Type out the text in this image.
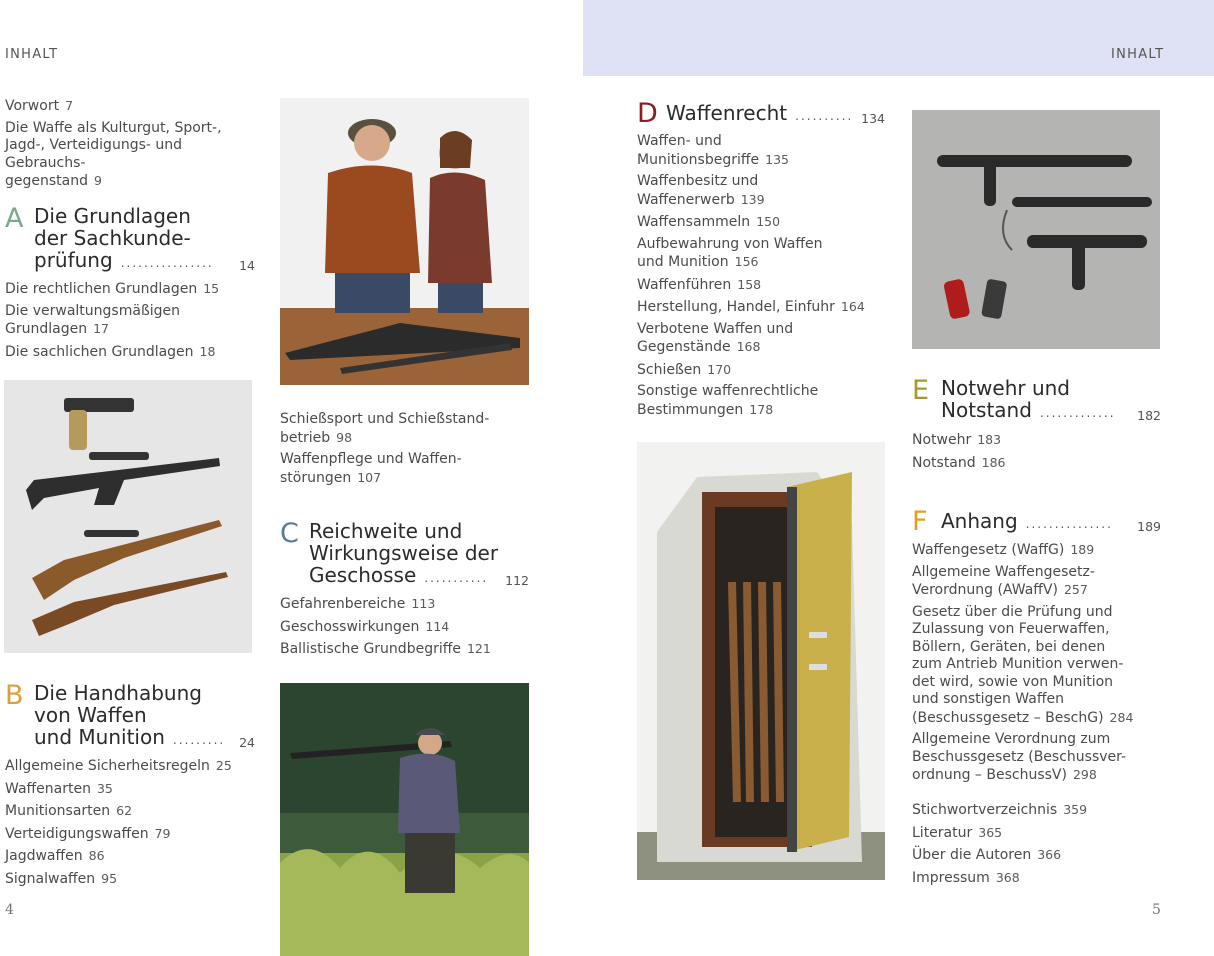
INHALT	INHALT
4	5
Vorwort 7
Die Waffe als Kulturgut, Sport-,
Jagd-, Verteidigungs- und Gebrauchs-
gegenstand 9
A Die Grundlagen
der Sachkunde-
prüfung ................ 14
Die rechtlichen Grundlagen 15
Die verwaltungsmäßigen
Grundlagen 17
Die sachlichen Grundlagen 18
B Die Handhabung
von Waffen
und Munition ......... 24
Allgemeine Sicherheitsregeln 25
Waffenarten 35
Munitionsarten 62
Verteidigungswaffen 79
Jagdwaffen 86
Signalwaffen 95
Schießsport und Schießstand-
betrieb 98
Waffenpflege und Waffen-
störungen 107
C Reichweite und
Wirkungsweise der
Geschosse ........... 112
Gefahrenbereiche 113
Geschosswirkungen 114
Ballistische Grundbegriffe 121
D Waffenrecht .......... 134
Waffen- und
Munitionsbegriffe 135
Waffenbesitz und
Waffenerwerb 139
Waffensammeln 150
Aufbewahrung von Waffen
und Munition 156
Waffenführen 158
Herstellung, Handel, Einfuhr 164
Verbotene Waffen und
Gegenstände 168
Schießen 170
Sonstige waffenrechtliche
Bestimmungen 178
E Notwehr und
Notstand ............. 182
Notwehr 183
Notstand 186
F Anhang ............... 189
Waffengesetz (WaffG) 189
Allgemeine Waffengesetz-
Verordnung (AWaffV) 257
Gesetz über die Prüfung und
Zulassung von Feuerwaffen,
Böllern, Geräten, bei denen
zum Antrieb Munition verwen-
det wird, sowie von Munition
und sonstigen Waffen
(Beschussgesetz – BeschG) 284
Allgemeine Verordnung zum
Beschussgesetz (Beschussver-
ordnung – BeschussV) 298
Stichwortverzeichnis 359
Literatur 365
Über die Autoren 366
Impressum 368
